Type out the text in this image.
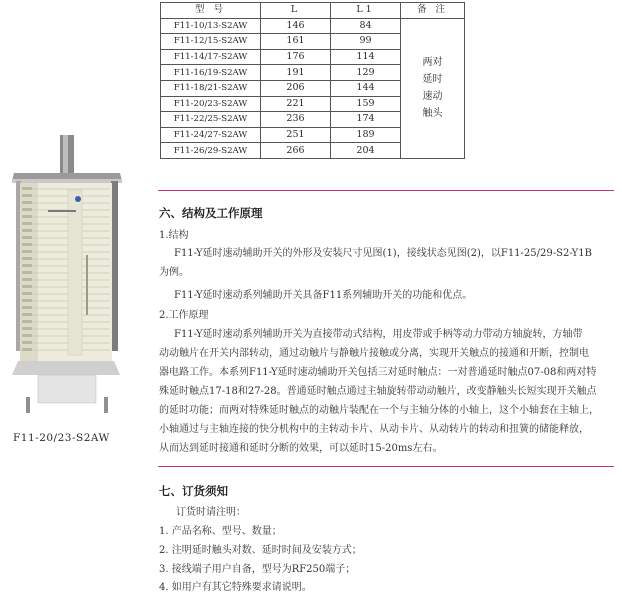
型 号	L	L1	备 注
F11-10/13-S2AW	146	84	两对
延时
速动
触头

F11-12/15-S2AW	161	99	
F11-14/17-S2AW	176	114	
F11-16/19-S2AW	191	129	
F11-18/21-S2AW	206	144	
F11-20/23-S2AW	221	159	
F11-22/25-S2AW	236	174	
F11-24/27-S2AW	251	189	
F11-26/29-S2AW	266	204	
F11-20/23-S2AW
六、结构及工作原理
1.结构
F11-Y延时速动辅助开关的外形及安装尺寸见图(1)，接线状态见图(2)，以F11-25/29-S2-Y1B
为例。
F11-Y延时速动系列辅助开关具备F11系列辅助开关的功能和优点。
2.工作原理
F11-Y延时速动系列辅助开关为直接带动式结构，用皮带或手柄等动力带动方轴旋转，方轴带
动动触片在开关内部转动，通过动触片与静触片接触或分离，实现开关触点的接通和开断，控制电
器电路工作。本系列F11-Y延时速动辅助开关包括三对延时触点：一对普通延时触点07-08和两对特
殊延时触点17-18和27-28。普通延时触点通过主轴旋转带动动触片，改变静触头长短实现开关触点
的延时功能；而两对特殊延时触点的动触片装配在一个与主轴分体的小轴上，这个小轴套在主轴上，
小轴通过与主轴连接的快分机构中的主转动卡片、从动卡片、从动转片的转动和扭簧的储能释放，
从而达到延时接通和延时分断的效果，可以延时15-20ms左右。
七、订货须知
订货时请注明：
1. 产品名称、型号、数量；
2. 注明延时触头对数、延时时间及安装方式；
3. 接线端子用户自备，型号为RF250端子；
4. 如用户有其它特殊要求请说明。
